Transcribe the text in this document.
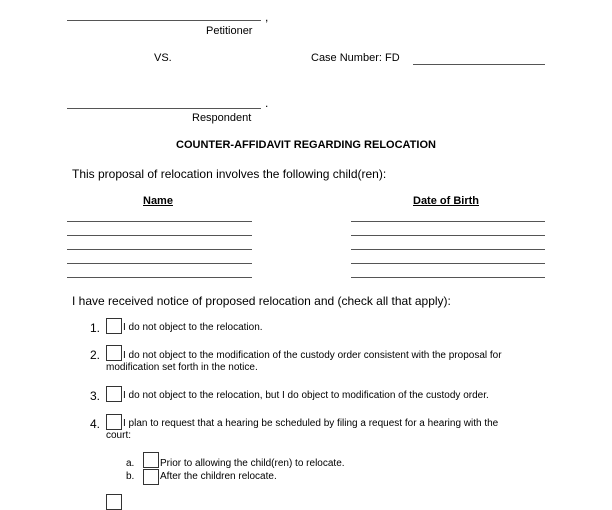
,
Petitioner
VS.	Case Number: FD
.
Respondent
COUNTER-AFFIDAVIT REGARDING RELOCATION
This proposal of relocation involves the following child(ren):
Name	Date of Birth
I have received notice of proposed relocation and (check all that apply):
1. I do not object to the relocation.
2. I do not object to the modification of the custody order consistent with the proposal for
modification set forth in the notice.
3. I do not object to the relocation, but I do object to modification of the custody order.
4. I plan to request that a hearing be scheduled by filing a request for a hearing with the
court:
a.	Prior to allowing the child(ren) to relocate.
b.	After the children relocate.
